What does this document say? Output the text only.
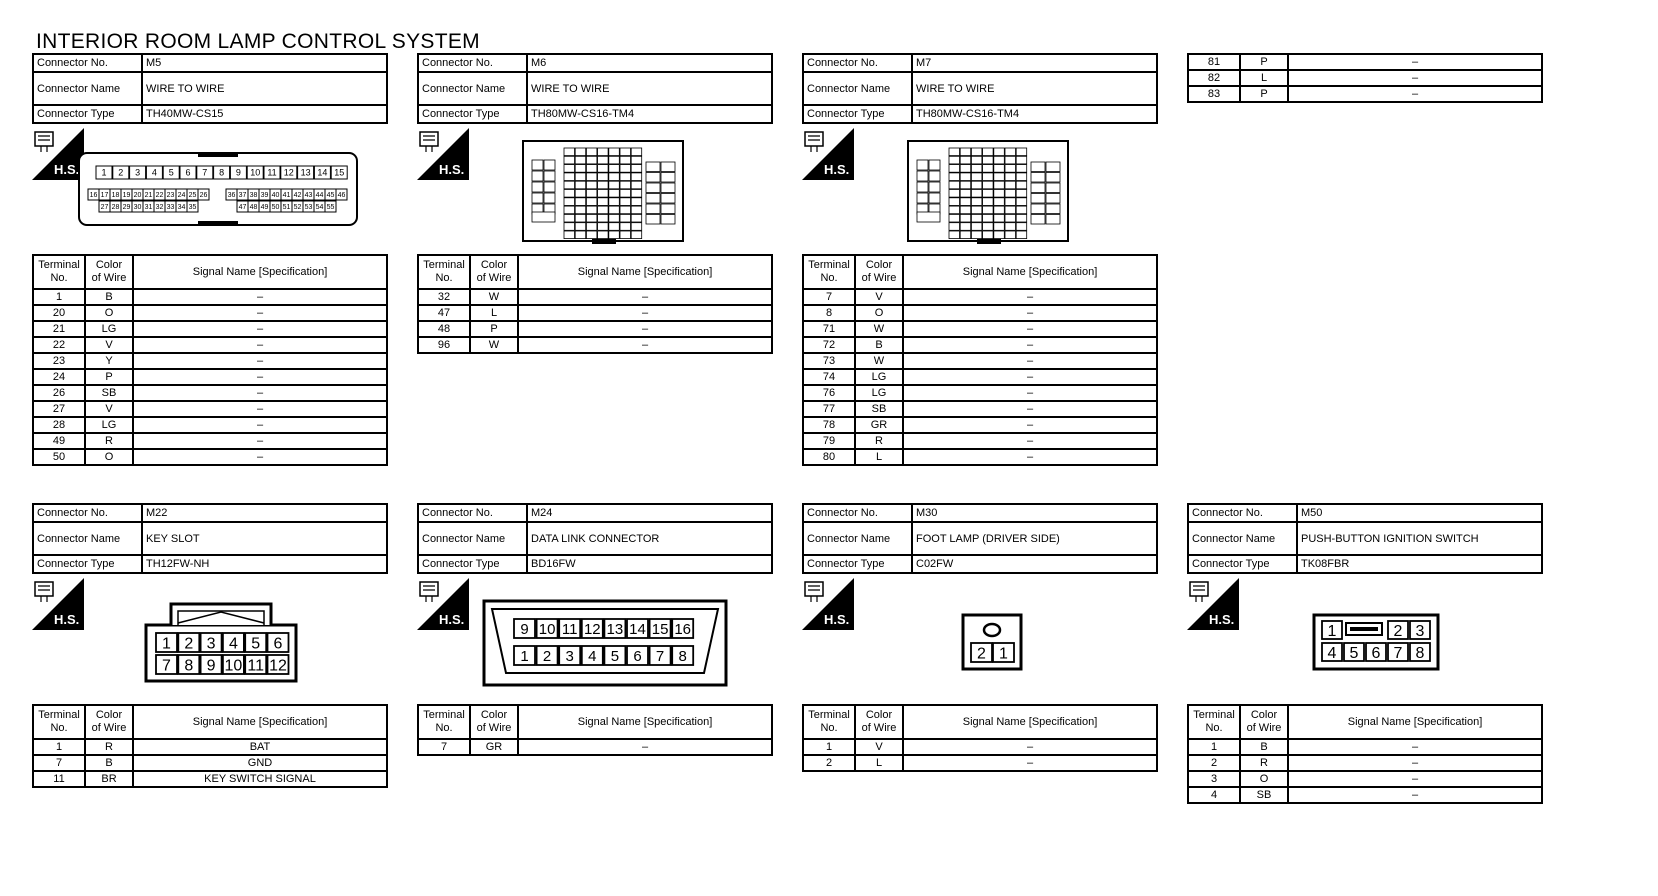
INTERIOR ROOM LAMP CONTROL SYSTEM
Connector No.	M5
Connector Name	WIRE TO WIRE
Connector Type	TH40MW-CS15
Connector No.	M6
Connector Name	WIRE TO WIRE
Connector Type	TH80MW-CS16-TM4
Connector No.	M7
Connector Name	WIRE TO WIRE
Connector Type	TH80MW-CS16-TM4
81	P	–
82	L	–
83	P	–
H.S.	H.S.	H.S.
1 2 3 4 5 6 7 8 9 10 11 12 13 14 15
16 17 18 19 20 21 22 23 24 25 26	36 37 38 39 40 41 42 43 44 45 46
27 28 29 30 31 32 33 34 35	47 48 49 50 51 52 53 54 55
Terminal
No.	Color
of Wire	Signal Name [Specification]
1	B	–
20	O	–
21	LG	–
22	V	–
23	Y	–
24	P	–
26	SB	–
27	V	–
28	LG	–
49	R	–
50	O	–
Terminal
No.	Color
of Wire	Signal Name [Specification]
32	W	–
47	L	–
48	P	–
96	W	–
Terminal
No.	Color
of Wire	Signal Name [Specification]
7	V	–
8	O	–
71	W	–
72	B	–
73	W	–
74	LG	–
76	LG	–
77	SB	–
78	GR	–
79	R	–
80	L	–
Connector No.	M22
Connector Name	KEY SLOT
Connector Type	TH12FW-NH
Connector No.	M24
Connector Name	DATA LINK CONNECTOR
Connector Type	BD16FW
Connector No.	M30
Connector Name	FOOT LAMP (DRIVER SIDE)
Connector Type	C02FW
Connector No.	M50
Connector Name	PUSH-BUTTON IGNITION SWITCH
Connector Type	TK08FBR
H.S.	H.S.	H.S.	H.S.
1 2 3 4 5 6
7 8 9 10 11 12
9 10 11 12 13 14 15 16
1 2 3 4 5 6 7 8	2 1
1	2 3
4 5 6 7 8
Terminal
No.	Color
of Wire	Signal Name [Specification]
1	R	BAT
7	B	GND
11	BR	KEY SWITCH SIGNAL
Terminal
No.	Color
of Wire	Signal Name [Specification]
7	GR	–
Terminal
No.	Color
of Wire	Signal Name [Specification]
1	V	–
2	L	–
Terminal
No.	Color
of Wire	Signal Name [Specification]
1	B	–
2	R	–
3	O	–
4	SB	–
